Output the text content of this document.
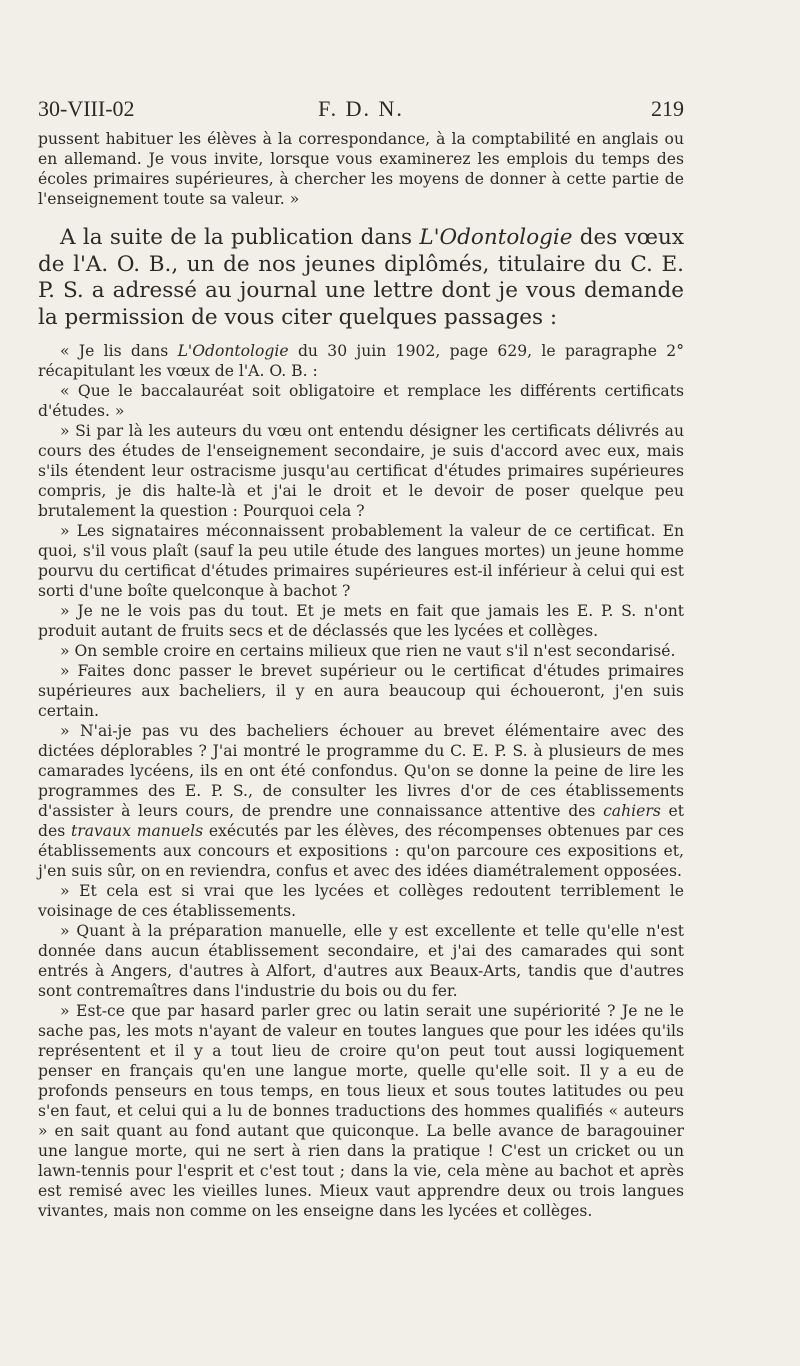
30-VIII-02	F. D. N.	219

pussent habituer les élèves à la correspondance, à la comptabilité en anglais ou en allemand. Je vous invite, lorsque vous examinerez les emplois du temps des écoles primaires supérieures, à chercher les moyens de donner à cette partie de l'enseignement toute sa valeur. »

A la suite de la publication dans L'Odontologie des vœux de l'A. O. B., un de nos jeunes diplômés, titulaire du C. E. P. S. a adressé au journal une lettre dont je vous demande la permission de vous citer quelques passages :

« Je lis dans L'Odontologie du 30 juin 1902, page 629, le paragraphe 2° récapitulant les vœux de l'A. O. B. :

« Que le baccalauréat soit obligatoire et remplace les différents certificats d'études. »

» Si par là les auteurs du vœu ont entendu désigner les certificats délivrés au cours des études de l'enseignement secondaire, je suis d'accord avec eux, mais s'ils étendent leur ostracisme jusqu'au certificat d'études primaires supérieures compris, je dis halte-là et j'ai le droit et le devoir de poser quelque peu brutalement la question : Pourquoi cela ?

» Les signataires méconnaissent probablement la valeur de ce certificat. En quoi, s'il vous plaît (sauf la peu utile étude des langues mortes) un jeune homme pourvu du certificat d'études primaires supérieures est-il inférieur à celui qui est sorti d'une boîte quelconque à bachot ?

» Je ne le vois pas du tout. Et je mets en fait que jamais les E. P. S. n'ont produit autant de fruits secs et de déclassés que les lycées et collèges.

» On semble croire en certains milieux que rien ne vaut s'il n'est secondarisé.

» Faites donc passer le brevet supérieur ou le certificat d'études primaires supérieures aux bacheliers, il y en aura beaucoup qui échoueront, j'en suis certain.

» N'ai-je pas vu des bacheliers échouer au brevet élémentaire avec des dictées déplorables ? J'ai montré le programme du C. E. P. S. à plusieurs de mes camarades lycéens, ils en ont été confondus. Qu'on se donne la peine de lire les programmes des E. P. S., de consulter les livres d'or de ces établissements d'assister à leurs cours, de prendre une connaissance attentive des cahiers et des travaux manuels exécutés par les élèves, des récompenses obtenues par ces établissements aux concours et expositions : qu'on parcoure ces expositions et, j'en suis sûr, on en reviendra, confus et avec des idées diamétralement opposées.

» Et cela est si vrai que les lycées et collèges redoutent terriblement le voisinage de ces établissements.

» Quant à la préparation manuelle, elle y est excellente et telle qu'elle n'est donnée dans aucun établissement secondaire, et j'ai des camarades qui sont entrés à Angers, d'autres à Alfort, d'autres aux Beaux-Arts, tandis que d'autres sont contremaîtres dans l'industrie du bois ou du fer.

» Est-ce que par hasard parler grec ou latin serait une supériorité ? Je ne le sache pas, les mots n'ayant de valeur en toutes langues que pour les idées qu'ils représentent et il y a tout lieu de croire qu'on peut tout aussi logiquement penser en français qu'en une langue morte, quelle qu'elle soit. Il y a eu de profonds penseurs en tous temps, en tous lieux et sous toutes latitudes ou peu s'en faut, et celui qui a lu de bonnes traductions des hommes qualifiés « auteurs » en sait quant au fond autant que quiconque. La belle avance de baragouiner une langue morte, qui ne sert à rien dans la pratique ! C'est un cricket ou un lawn-tennis pour l'esprit et c'est tout ; dans la vie, cela mène au bachot et après est remisé avec les vieilles lunes. Mieux vaut apprendre deux ou trois langues vivantes, mais non comme on les enseigne dans les lycées et collèges.
